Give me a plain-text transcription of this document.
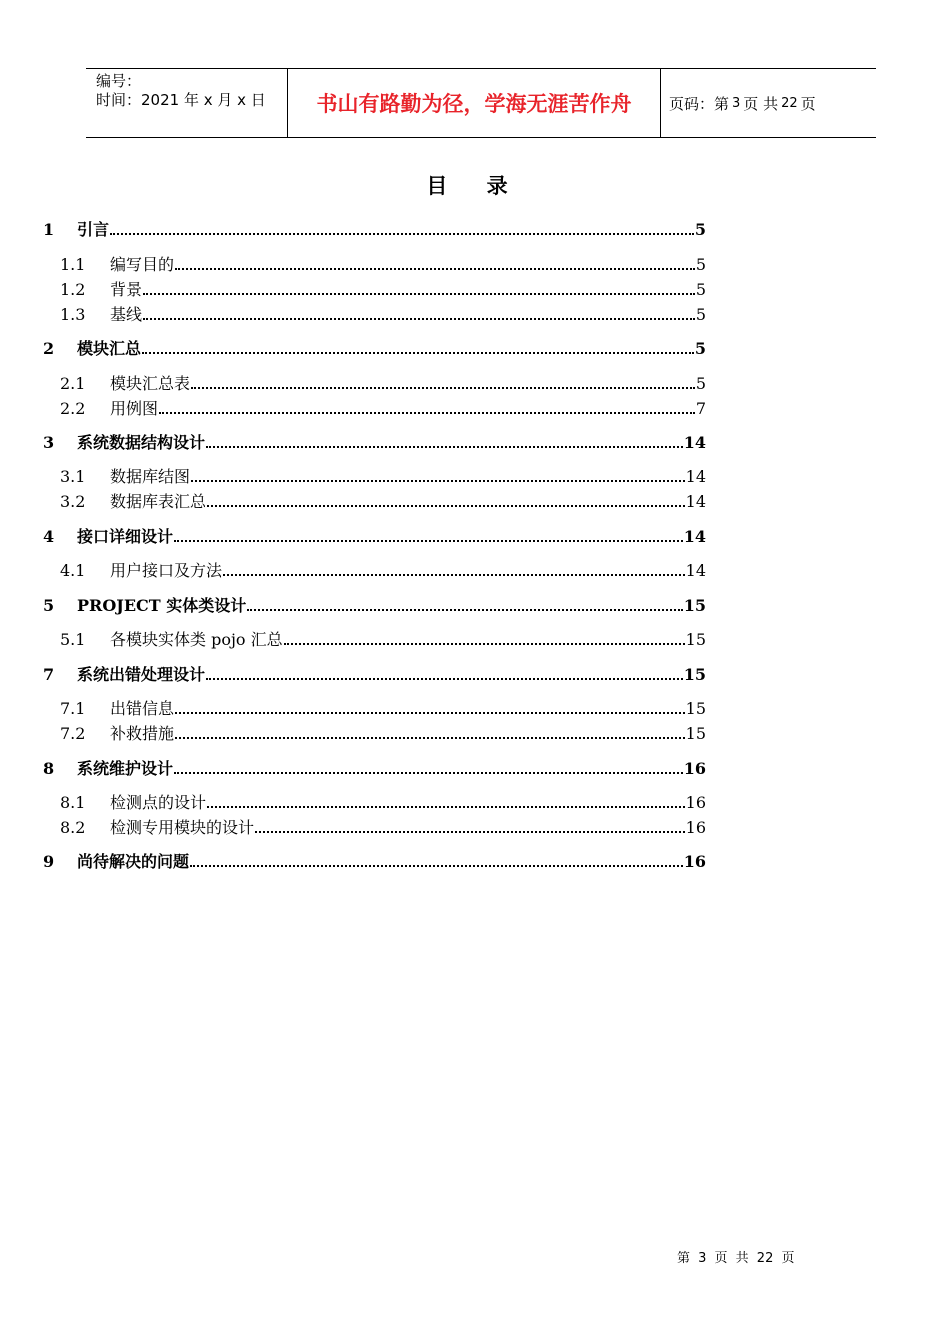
编号：
时间：2021 年 x 月 x 日	书山有路勤为径，学海无涯苦作舟	页码：第 3 页 共 22 页
目 录
1	引言	5
1.1	编写目的	5
1.2	背景	5
1.3	基线	5
2	模块汇总	5
2.1	模块汇总表	5
2.2	用例图	7
3	系统数据结构设计	14
3.1	数据库结图	14
3.2	数据库表汇总	14
4	接口详细设计	14
4.1	用户接口及方法	14
5	PROJECT 实体类设计	15
5.1	各模块实体类 pojo 汇总	15
7	系统出错处理设计	15
7.1	出错信息	15
7.2	补救措施	15
8	系统维护设计	16
8.1	检测点的设计	16
8.2	检测专用模块的设计	16
9	尚待解决的问题	16
第 3 页 共 22 页
